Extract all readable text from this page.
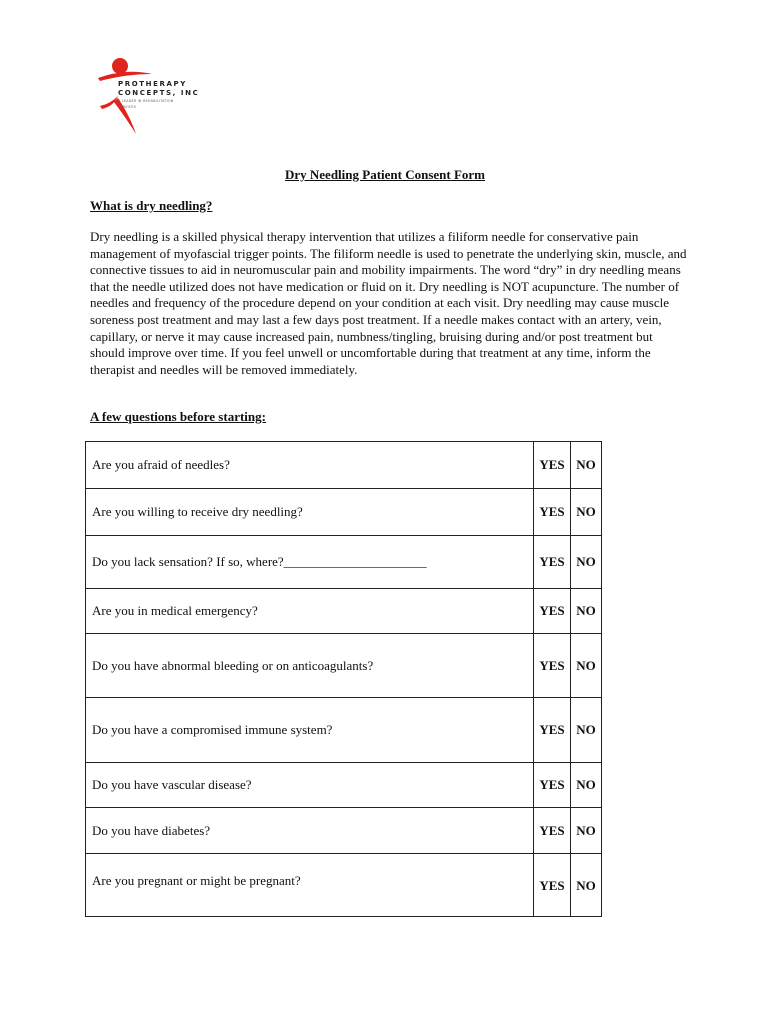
PROTHERAPY
CONCEPTS, INC
A LEADER IN REHABILITATION
SERVICES
Dry Needling Patient Consent Form
What is dry needling?

Dry needling is a skilled physical therapy intervention that utilizes a filiform needle for conservative pain management of myofascial trigger points. The filiform needle is used to penetrate the underlying skin, muscle, and connective tissues to aid in neuromuscular pain and mobility impairments. The word “dry” in dry needling means that the needle utilized does not have medication or fluid on it. Dry needling is NOT acupuncture. The number of needles and frequency of the procedure depend on your condition at each visit. Dry needling may cause muscle soreness post treatment and may last a few days post treatment. If a needle makes contact with an artery, vein, capillary, or nerve it may cause increased pain, numbness/tingling, bruising during and/or post treatment but should improve over time. If you feel unwell or uncomfortable during that treatment at any time, inform the therapist and needles will be removed immediately.

A few questions before starting:
Are you afraid of needles?	YES	NO
Are you willing to receive dry needling?	YES	NO
Do you lack sensation? If so, where?______________________	YES	NO
Are you in medical emergency?	YES	NO
Do you have abnormal bleeding or on anticoagulants?	YES	NO
Do you have a compromised immune system?	YES	NO
Do you have vascular disease?	YES	NO
Do you have diabetes?	YES	NO
Are you pregnant or might be pregnant?	YES	NO
